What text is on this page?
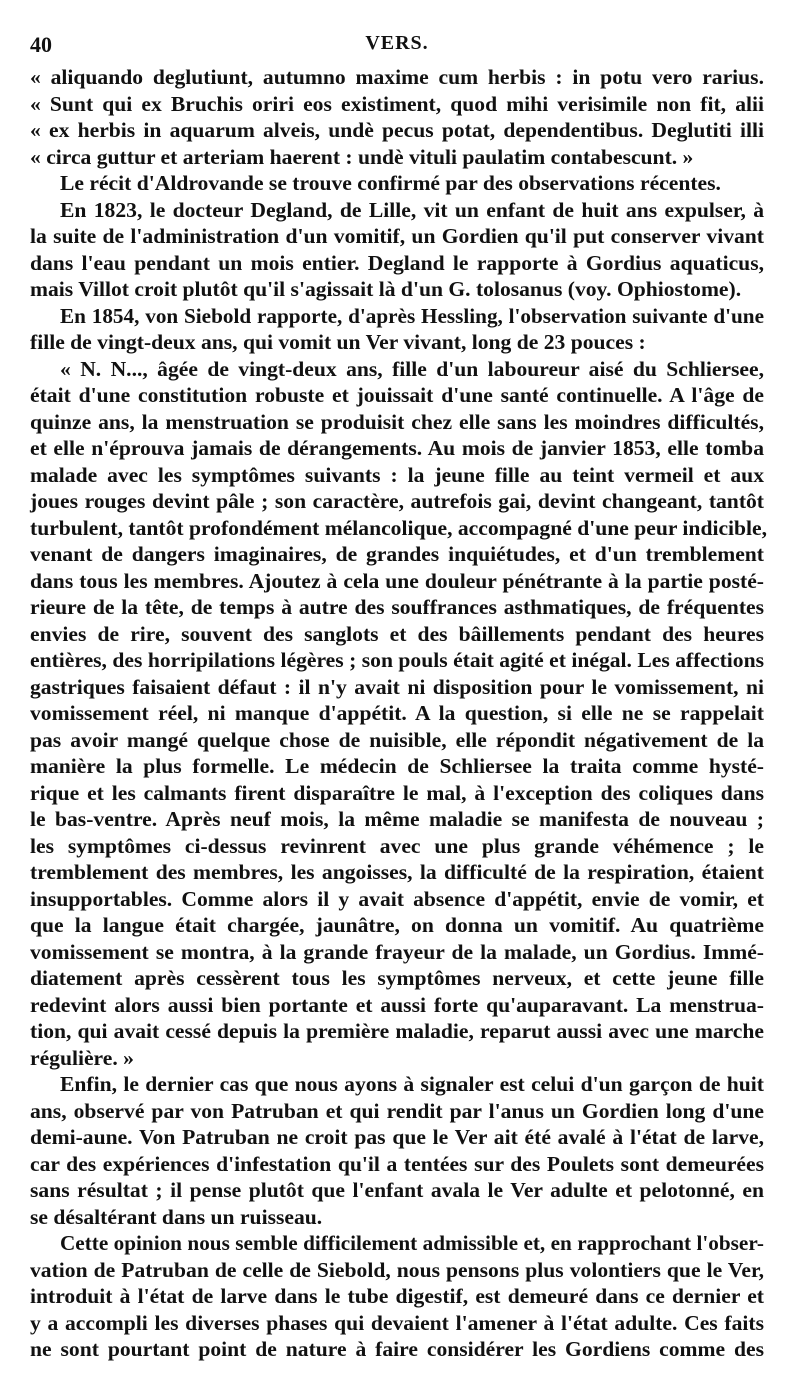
40	VERS.
« aliquando deglutiunt, autumno maxime cum herbis : in potu vero rarius.
« Sunt qui ex Bruchis oriri eos existiment, quod mihi verisimile non fit, alii
« ex herbis in aquarum alveis, undè pecus potat, dependentibus. Deglutiti illi
« circa guttur et arteriam haerent : undè vituli paulatim contabescunt. »
Le récit d'Aldrovande se trouve confirmé par des observations récentes.
En 1823, le docteur Degland, de Lille, vit un enfant de huit ans expulser, à
la suite de l'administration d'un vomitif, un Gordien qu'il put conserver vivant
dans l'eau pendant un mois entier. Degland le rapporte à Gordius aquaticus,
mais Villot croit plutôt qu'il s'agissait là d'un G. tolosanus (voy. Ophiostome).
En 1854, von Siebold rapporte, d'après Hessling, l'observation suivante d'une
fille de vingt-deux ans, qui vomit un Ver vivant, long de 23 pouces :
« N. N..., âgée de vingt-deux ans, fille d'un laboureur aisé du Schliersee,
était d'une constitution robuste et jouissait d'une santé continuelle. A l'âge de
quinze ans, la menstruation se produisit chez elle sans les moindres difficultés,
et elle n'éprouva jamais de dérangements. Au mois de janvier 1853, elle tomba
malade avec les symptômes suivants : la jeune fille au teint vermeil et aux
joues rouges devint pâle ; son caractère, autrefois gai, devint changeant, tantôt
turbulent, tantôt profondément mélancolique, accompagné d'une peur indicible,
venant de dangers imaginaires, de grandes inquiétudes, et d'un tremblement
dans tous les membres. Ajoutez à cela une douleur pénétrante à la partie posté-
rieure de la tête, de temps à autre des souffrances asthmatiques, de fréquentes
envies de rire, souvent des sanglots et des bâillements pendant des heures
entières, des horripilations légères ; son pouls était agité et inégal. Les affections
gastriques faisaient défaut : il n'y avait ni disposition pour le vomissement, ni
vomissement réel, ni manque d'appétit. A la question, si elle ne se rappelait
pas avoir mangé quelque chose de nuisible, elle répondit négativement de la
manière la plus formelle. Le médecin de Schliersee la traita comme hysté-
rique et les calmants firent disparaître le mal, à l'exception des coliques dans
le bas-ventre. Après neuf mois, la même maladie se manifesta de nouveau ;
les symptômes ci-dessus revinrent avec une plus grande véhémence ; le
tremblement des membres, les angoisses, la difficulté de la respiration, étaient
insupportables. Comme alors il y avait absence d'appétit, envie de vomir, et
que la langue était chargée, jaunâtre, on donna un vomitif. Au quatrième
vomissement se montra, à la grande frayeur de la malade, un Gordius. Immé-
diatement après cessèrent tous les symptômes nerveux, et cette jeune fille
redevint alors aussi bien portante et aussi forte qu'auparavant. La menstrua-
tion, qui avait cessé depuis la première maladie, reparut aussi avec une marche
régulière. »
Enfin, le dernier cas que nous ayons à signaler est celui d'un garçon de huit
ans, observé par von Patruban et qui rendit par l'anus un Gordien long d'une
demi-aune. Von Patruban ne croit pas que le Ver ait été avalé à l'état de larve,
car des expériences d'infestation qu'il a tentées sur des Poulets sont demeurées
sans résultat ; il pense plutôt que l'enfant avala le Ver adulte et pelotonné, en
se désaltérant dans un ruisseau.
Cette opinion nous semble difficilement admissible et, en rapprochant l'obser-
vation de Patruban de celle de Siebold, nous pensons plus volontiers que le Ver,
introduit à l'état de larve dans le tube digestif, est demeuré dans ce dernier et
y a accompli les diverses phases qui devaient l'amener à l'état adulte. Ces faits
ne sont pourtant point de nature à faire considérer les Gordiens comme des
